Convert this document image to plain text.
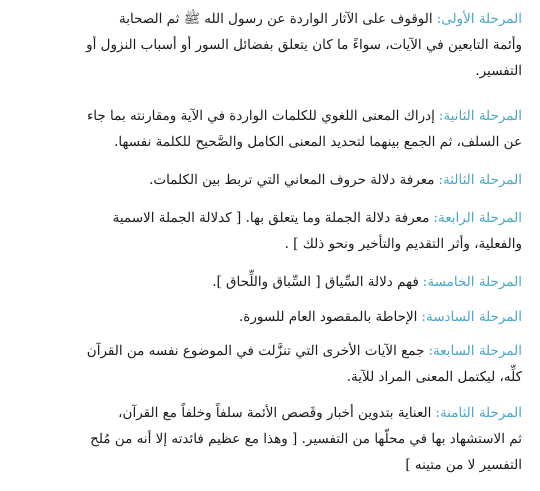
المرحلة الأولى:الوقوف على الآثار الواردة عن رسول الله ﷺ ثم الصحابة
وأئمة التابعين في الآيات، سواءً ما كان يتعلق بفضائل السور أو أسباب النزول أو
التفسير.
المرحلة الثانية:إدراك المعنى اللغوي للكلمات الواردة في الآية ومقارنته بما جاء
عن السلف، ثم الجمع بينهما لتحديد المعنى الكامل والصَّحيح للكلمة نفسها.
المرحلة الثالثة:معرفة دلالة حروف المعاني التي تربط بين الكلمات.
المرحلة الرابعة:معرفة دلالة الجملة وما يتعلق بها. [ كدلالة الجملة الاسمية
والفعلية، وأثر التقديم والتأخير ونحو ذلك ] .
المرحلة الخامسة:فهم دلالة السِّياق [ السِّباق واللِّحاق ].
المرحلة السادسة:الإحاطة بالمقصود العام للسورة.
المرحلة السابعة:جمع الآيات الأخرى التي تنزَّلت في الموضوع نفسه من القرآن
كلِّه، ليكتمل المعنى المراد للآية.
المرحلة الثامنة:العناية بتدوين أخبار وقَصص الأئمة سلفاً وخلفاً مع القرآن،
ثم الاستشهاد بها في محلّها من التفسير. [ وهذا مع عظيم فائدته إلا أنه من مُلح
التفسير لا من متينه ]
